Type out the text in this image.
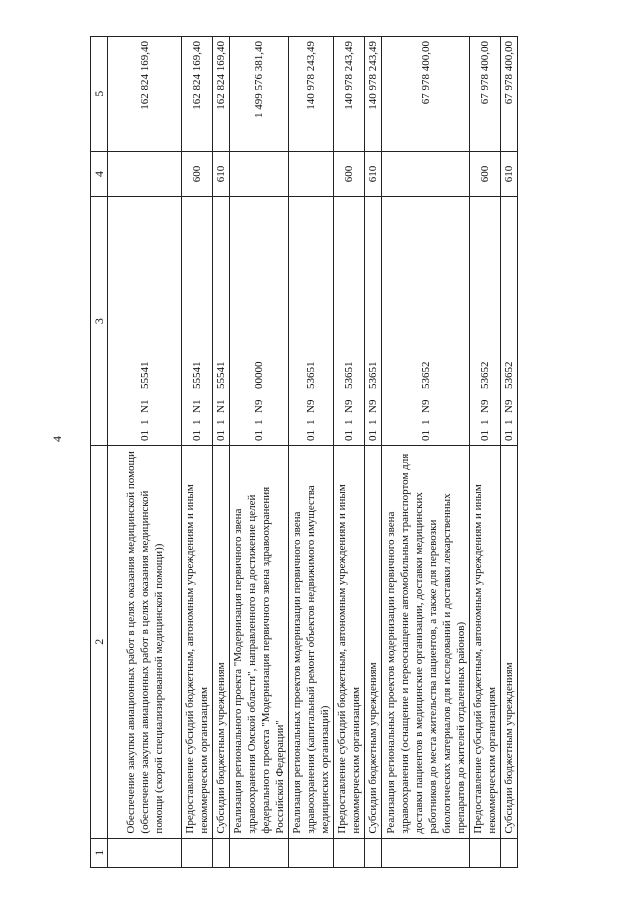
4
1	2	3	4	5
	Обеспечение закупки авиационных работ в целях оказания медицинской помощи (обеспечение закупки авиационных работ в целях оказания медицинской помощи (скорой специализированной медицинской помощи))	011N155541		162 824 169,40
	Предоставление субсидий бюджетным, автономным учреждениям и иным некоммерческим организациям	011N155541	600	162 824 169,40
	Субсидии бюджетным учреждениям	011N155541	610	162 824 169,40
	Реализация регионального проекта "Модернизация первичного звена здравоохранения Омской области", направленного на достижение целей федерального проекта "Модернизация первичного звена здравоохранения Российской Федерации"	011N900000		1 499 576 381,40
	Реализация региональных проектов модернизации первичного звена здравоохранения (капитальный ремонт объектов недвижимого имущества медицинских организаций)	011N953651		140 978 243,49
	Предоставление субсидий бюджетным, автономным учреждениям и иным некоммерческим организациям	011N953651	600	140 978 243,49
	Субсидии бюджетным учреждениям	011N953651	610	140 978 243,49
	Реализация региональных проектов модернизации первичного звена здравоохранения (оснащение и переоснащение автомобильным транспортом для доставки пациентов в медицинские организации, доставки медицинских работников до места жительства пациентов, а также для перевозки биологических материалов для исследований и доставки лекарственных препаратов до жителей отдаленных районов)	011N953652		67 978 400,00
	Предоставление субсидий бюджетным, автономным учреждениям и иным некоммерческим организациям	011N953652	600	67 978 400,00
	Субсидии бюджетным учреждениям	011N953652	610	67 978 400,00
